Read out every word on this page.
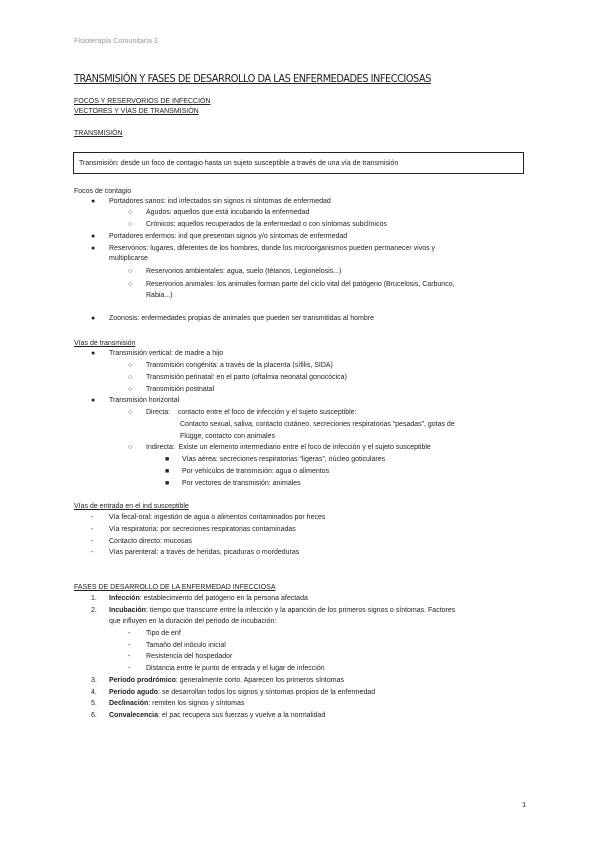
Fisioterapia Comunitaria 3
TRANSMISIÓN Y FASES DE DESARROLLO DA LAS ENFERMEDADES INFECCIOSAS
FOCOS Y RESERVORIOS DE INFECCIÓN
VECTORES Y VÍAS DE TRANSMISIÓN
TRANSMISIÓN
Transmisión: desde un foco de contagio hasta un sujeto susceptible a través de una vía de transmisión
Focos de contagio
● Portadores sanos: ind infectados sin signos ni síntomas de enfermedad
○ Agudos: aquellos que está incubando la enfermedad
○ Crónicos: aquellos recuperados de la enfermedad o con síntomas subclínicos
● Portadores enfermos: ind que presentan signos y/o síntomas de enfermedad
● Reservorios: lugares, diferentes de los hombres, donde los microorganismos pueden permanecer vivos y
multiplicarse
○ Reservorios ambientales: agua, suelo (tétanos, Legionelosis...)
○ Reservorios animales: los animales forman parte del ciclo vital del patógeno (Brucelosis, Carbunco,
Rabia...)
● Zoonosis: enfermedades propias de animales que pueden ser transmitidas al hombre
Vías de transmisión
● Transmisión vertical: de madre a hijo
○ Transmisión congénita: a través de la placenta (sífilis, SIDA)
○ Transmisión perinatal: en el parto (oftalmia neonatal gonocócica)
○ Transmisión postnatal
● Transmisión horizontal
○ Directa:    contacto entre el foco de infección y el sujeto susceptible:
Contacto sexual, saliva, contacto cutáneo, secreciones respiratorias “pesadas”, gotas de
Flügge, contacto con animales
○ Indirecta:  Existe un elemento intermediario entre el foco de infección y el sujeto susceptible
■ Vías aérea: secreciones respiratorias “ligeras”, núcleo goticulares
■ Por vehículos de transmisión: agua o alimentos
■ Por vectores de transmisión: animales
Vías de entrada en el ind susceptible
- Vía fecal-oral: ingestión de agua o alimentos contaminados por heces
- Vía respiratoria: por secreciones respiratorias contaminadas
- Contacto directo: mucosas
- Vías parenteral: a través de heridas, picaduras o mordeduras
FASES DE DESARROLLO DE LA ENFERMEDAD INFECCIOSA
1. Infección: establecimiento del patógeno en la persona afectada
2. Incubación: tiempo que transcurre entre la infección y la aparición de los primeros signos o síntomas. Factores
que influyen en la duración del periodo de incubación:
- Tipo de enf
- Tamaño del inóculo inicial
- Resistencia del hospedador
- Distancia entre le punto de entrada y el lugar de infección
3. Período prodrómico: generalmente corto. Aparecen los primeros síntomas
4. Período agudo: se desarrollan todos los signos y síntomas propios de la enfermedad
5. Declinación: remiten los signos y síntomas
6. Convalecencia: el pac recupera sus fuerzas y vuelve a la normalidad
1
